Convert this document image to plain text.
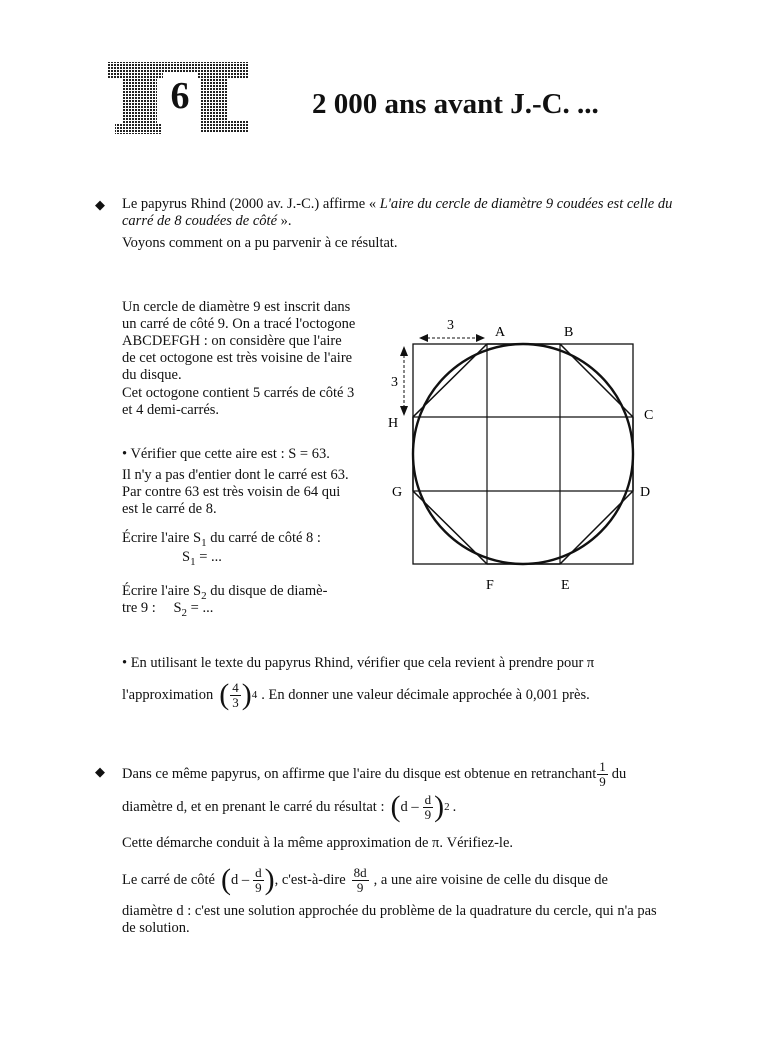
6	2 000 ans avant J.-C. ...
◆ Le papyrus Rhind (2000 av. J.-C.) affirme « L'aire du cercle de diamètre 9 coudées est celle du carré de 8 coudées de côté ».
Voyons comment on a pu parvenir à ce résultat.
Un cercle de diamètre 9 est inscrit dans un carré de côté 9. On a tracé l'octogone ABCDEFGH : on considère que l'aire de cet octogone est très voisine de l'aire du disque.
Cet octogone contient 5 carrés de côté 3 et 4 demi-carrés.
• Vérifier que cette aire est : S = 63.
Il n'y a pas d'entier dont le carré est 63. Par contre 63 est très voisin de 64 qui est le carré de 8.
Écrire l'aire $S_1$ du carré de côté 8 :
$S_1$ = ...
Écrire l'aire $S_2$ du disque de diamè-
tre 9 : $S_2$ = ...
3
3
A	B
C
D
E
F
G
H
• En utilisant le texte du papyrus Rhind, vérifier que cela revient à prendre pour π
l'approximation ( $\frac{4}{3}$ ) 4 . En donner une valeur décimale approchée à 0,001 près.
◆ Dans ce même papyrus, on affirme que l'aire du disque est obtenue en retranchant $\frac{1}{9}$ du
diamètre d, et en prenant le carré du résultat : ( d – $\frac{d}{9}$ ) 2 .
Cette démarche conduit à la même approximation de π. Vérifiez-le.
Le carré de côté ( d – $\frac{d}{9}$ ) , c'est-à-dire $\frac{8d}{9}$ , a une aire voisine de celle du disque de
diamètre d : c'est une solution approchée du problème de la quadrature du cercle, qui n'a pas de solution.
